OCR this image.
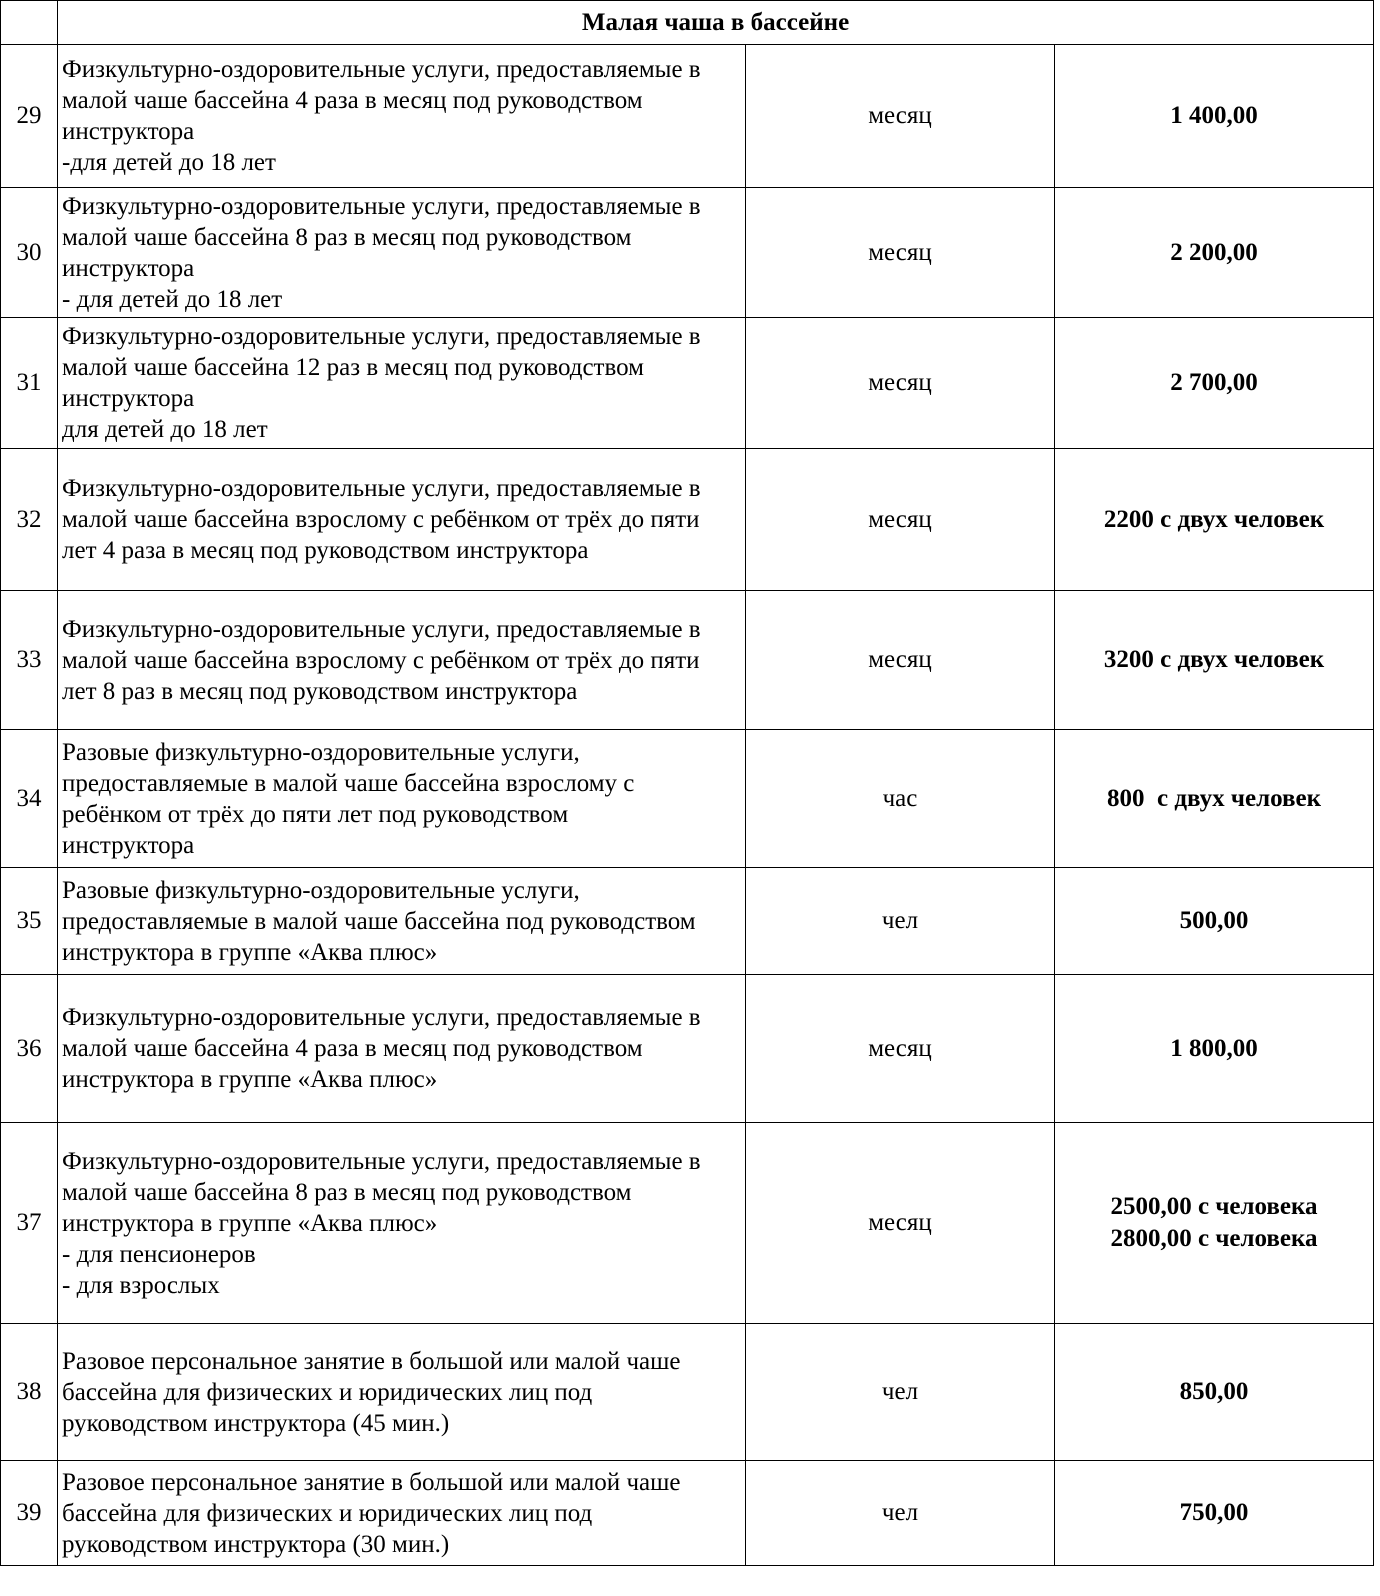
	Малая чаша в бассейне		
29	Физкультурно-оздоровительные услуги, предоставляемые в
малой чаше бассейна 4 раза в месяц под руководством
инструктора
-для детей до 18 лет	месяц	1 400,00

30	Физкультурно-оздоровительные услуги, предоставляемые в
малой чаше бассейна 8 раз в месяц под руководством
инструктора
- для детей до 18 лет	месяц	2 200,00

31	Физкультурно-оздоровительные услуги, предоставляемые в
малой чаше бассейна 12 раз в месяц под руководством
инструктора
для детей до 18 лет	месяц	2 700,00

32	Физкультурно-оздоровительные услуги, предоставляемые в
малой чаше бассейна взрослому с ребёнком от трёх до пяти
лет 4 раза в месяц под руководством инструктора	месяц	2200 с двух человек

33	Физкультурно-оздоровительные услуги, предоставляемые в
малой чаше бассейна взрослому с ребёнком от трёх до пяти
лет 8 раз в месяц под руководством инструктора	месяц	3200 с двух человек

34	Разовые физкультурно-оздоровительные услуги,
предоставляемые в малой чаше бассейна взрослому с
ребёнком от трёх до пяти лет под руководством
инструктора	час	800  с двух человек

35	Разовые физкультурно-оздоровительные услуги,
предоставляемые в малой чаше бассейна под руководством
инструктора в группе «Аква плюс»	чел	500,00

36	Физкультурно-оздоровительные услуги, предоставляемые в
малой чаше бассейна 4 раза в месяц под руководством
инструктора в группе «Аква плюс»	месяц	1 800,00

37	Физкультурно-оздоровительные услуги, предоставляемые в
малой чаше бассейна 8 раз в месяц под руководством
инструктора в группе «Аква плюс»
- для пенсионеров
- для взрослых	месяц	2500,00 с человека
2800,00 с человека

38	Разовое персональное занятие в большой или малой чаше
бассейна для физических и юридических лиц под
руководством инструктора (45 мин.)	чел	850,00

39	Разовое персональное занятие в большой или малой чаше
бассейна для физических и юридических лиц под
руководством инструктора (30 мин.)	чел	750,00
